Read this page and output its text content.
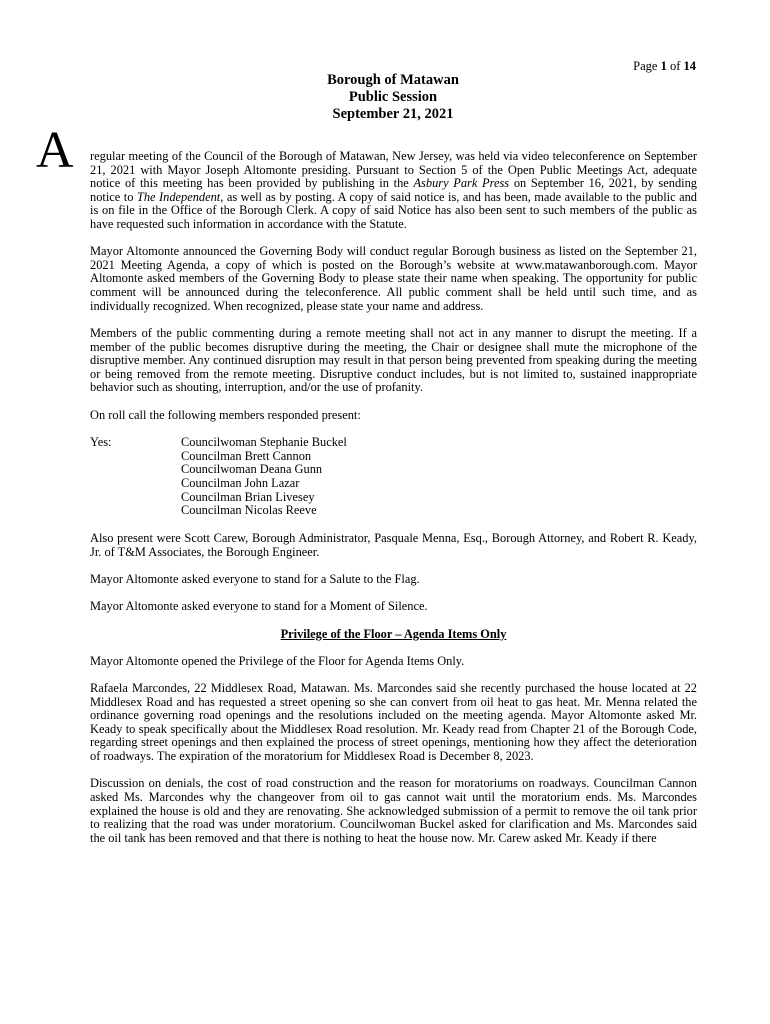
Page 1 of 14
Borough of Matawan
Public Session
September 21, 2021
A regular meeting of the Council of the Borough of Matawan, New Jersey, was held via video teleconference on September 21, 2021 with Mayor Joseph Altomonte presiding. Pursuant to Section 5 of the Open Public Meetings Act, adequate notice of this meeting has been provided by publishing in the Asbury Park Press on September 16, 2021, by sending notice to The Independent, as well as by posting. A copy of said notice is, and has been, made available to the public and is on file in the Office of the Borough Clerk. A copy of said Notice has also been sent to such members of the public as have requested such information in accordance with the Statute.

Mayor Altomonte announced the Governing Body will conduct regular Borough business as listed on the September 21, 2021 Meeting Agenda, a copy of which is posted on the Borough’s website at www.matawanborough.com. Mayor Altomonte asked members of the Governing Body to please state their name when speaking. The opportunity for public comment will be announced during the teleconference. All public comment shall be held until such time, and as individually recognized. When recognized, please state your name and address.

Members of the public commenting during a remote meeting shall not act in any manner to disrupt the meeting. If a member of the public becomes disruptive during the meeting, the Chair or designee shall mute the microphone of the disruptive member. Any continued disruption may result in that person being prevented from speaking during the meeting or being removed from the remote meeting. Disruptive conduct includes, but is not limited to, sustained inappropriate behavior such as shouting, interruption, and/or the use of profanity.

On roll call the following members responded present:

Yes:	Councilwoman Stephanie Buckel
Councilman Brett Cannon
Councilwoman Deana Gunn
Councilman John Lazar
Councilman Brian Livesey
Councilman Nicolas Reeve

Also present were Scott Carew, Borough Administrator, Pasquale Menna, Esq., Borough Attorney, and Robert R. Keady, Jr. of T&M Associates, the Borough Engineer.

Mayor Altomonte asked everyone to stand for a Salute to the Flag.

Mayor Altomonte asked everyone to stand for a Moment of Silence.

Privilege of the Floor – Agenda Items Only

Mayor Altomonte opened the Privilege of the Floor for Agenda Items Only.

Rafaela Marcondes, 22 Middlesex Road, Matawan. Ms. Marcondes said she recently purchased the house located at 22 Middlesex Road and has requested a street opening so she can convert from oil heat to gas heat. Mr. Menna related the ordinance governing road openings and the resolutions included on the meeting agenda. Mayor Altomonte asked Mr. Keady to speak specifically about the Middlesex Road resolution. Mr. Keady read from Chapter 21 of the Borough Code, regarding street openings and then explained the process of street openings, mentioning how they affect the deterioration of roadways. The expiration of the moratorium for Middlesex Road is December 8, 2023.

Discussion on denials, the cost of road construction and the reason for moratoriums on roadways. Councilman Cannon asked Ms. Marcondes why the changeover from oil to gas cannot wait until the moratorium ends. Ms. Marcondes explained the house is old and they are renovating. She acknowledged submission of a permit to remove the oil tank prior to realizing that the road was under moratorium. Councilwoman Buckel asked for clarification and Ms. Marcondes said the oil tank has been removed and that there is nothing to heat the house now. Mr. Carew asked Mr. Keady if there
